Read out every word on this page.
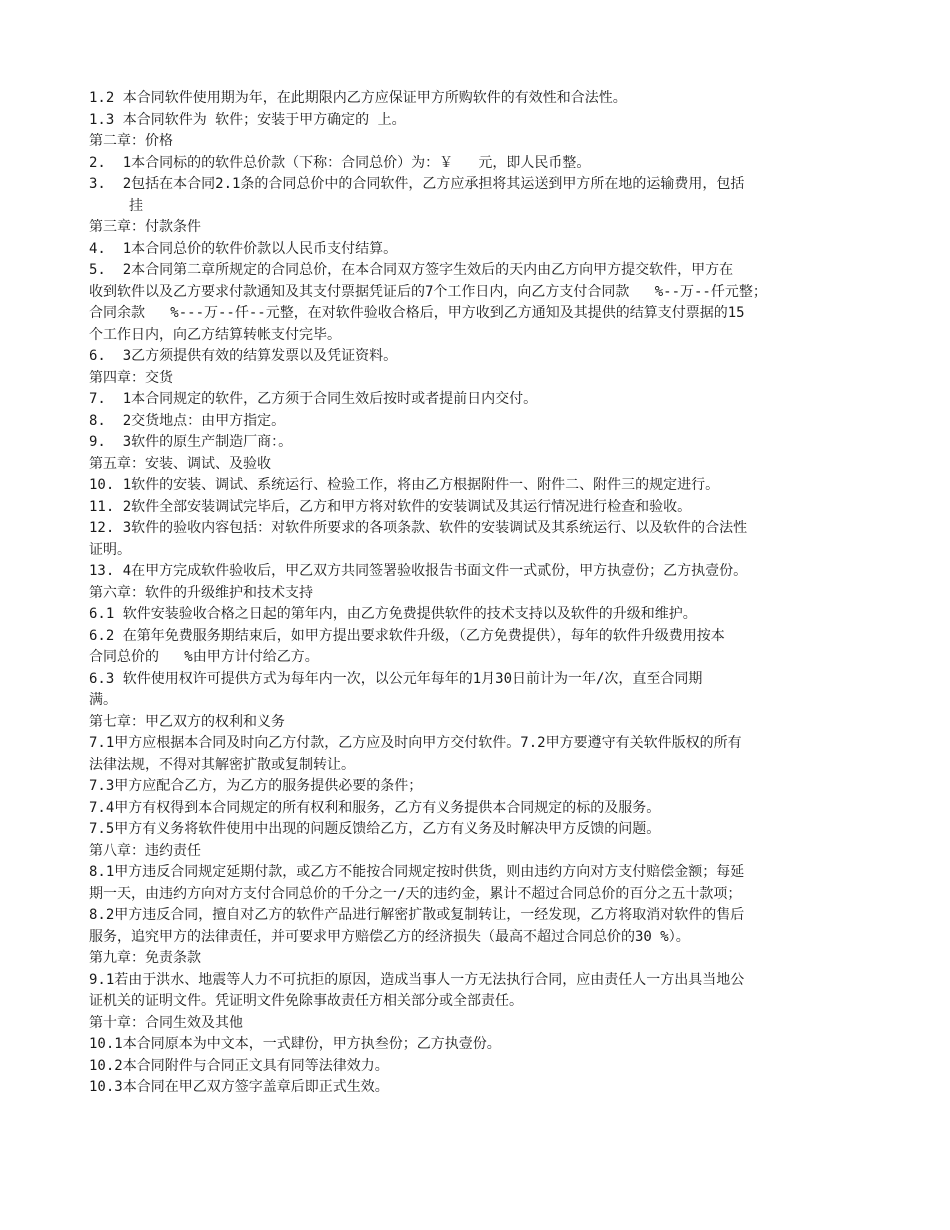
1.2 本合同软件使用期为年，在此期限内乙方应保证甲方所购软件的有效性和合法性。

1.3 本合同软件为 软件；安装于甲方确定的 上。

第二章：价格

2.  1本合同标的的软件总价款（下称：合同总价）为：￥   元，即人民币整。

3.  2包括在本合同2.1条的合同总价中的合同软件，乙方应承担将其运送到甲方所在地的运输费用，包括

挂

第三章：付款条件

4.  1本合同总价的软件价款以人民币支付结算。

5.  2本合同第二章所规定的合同总价，在本合同双方签字生效后的天内由乙方向甲方提交软件，甲方在

收到软件以及乙方要求付款通知及其支付票据凭证后的7个工作日内，向乙方支付合同款   %--万--仟元整；

合同余款   %---万--仟--元整，在对软件验收合格后，甲方收到乙方通知及其提供的结算支付票据的15

个工作日内，向乙方结算转帐支付完毕。

6.  3乙方须提供有效的结算发票以及凭证资料。

第四章：交货

7.  1本合同规定的软件，乙方须于合同生效后按时或者提前日内交付。

8.  2交货地点：由甲方指定。

9.  3软件的原生产制造厂商：。

第五章：安装、调试、及验收

10. 1软件的安装、调试、系统运行、检验工作，将由乙方根据附件一、附件二、附件三的规定进行。

11. 2软件全部安装调试完毕后，乙方和甲方将对软件的安装调试及其运行情况进行检查和验收。

12. 3软件的验收内容包括：对软件所要求的各项条款、软件的安装调试及其系统运行、以及软件的合法性

证明。

13. 4在甲方完成软件验收后，甲乙双方共同签署验收报告书面文件一式贰份，甲方执壹份；乙方执壹份。

第六章：软件的升级维护和技术支持

6.1 软件安装验收合格之日起的第年内，由乙方免费提供软件的技术支持以及软件的升级和维护。

6.2 在第年免费服务期结束后，如甲方提出要求软件升级，（乙方免费提供），每年的软件升级费用按本

合同总价的   %由甲方计付给乙方。

6.3 软件使用权许可提供方式为每年内一次，以公元年每年的1月30日前计为一年/次，直至合同期

满。

第七章：甲乙双方的权利和义务

7.1甲方应根据本合同及时向乙方付款，乙方应及时向甲方交付软件。7.2甲方要遵守有关软件版权的所有

法律法规，不得对其解密扩散或复制转让。

7.3甲方应配合乙方，为乙方的服务提供必要的条件；

7.4甲方有权得到本合同规定的所有权利和服务，乙方有义务提供本合同规定的标的及服务。

7.5甲方有义务将软件使用中出现的问题反馈给乙方，乙方有义务及时解决甲方反馈的问题。

第八章：违约责任

8.1甲方违反合同规定延期付款，或乙方不能按合同规定按时供货，则由违约方向对方支付赔偿金额；每延

期一天，由违约方向对方支付合同总价的千分之一/天的违约金，累计不超过合同总价的百分之五十款项；

8.2甲方违反合同，擅自对乙方的软件产品进行解密扩散或复制转让，一经发现，乙方将取消对软件的售后

服务，追究甲方的法律责任，并可要求甲方赔偿乙方的经济损失（最高不超过合同总价的30 %）。

第九章：免责条款

9.1若由于洪水、地震等人力不可抗拒的原因，造成当事人一方无法执行合同，应由责任人一方出具当地公

证机关的证明文件。凭证明文件免除事故责任方相关部分或全部责任。

第十章：合同生效及其他

10.1本合同原本为中文本，一式肆份，甲方执叁份；乙方执壹份。

10.2本合同附件与合同正文具有同等法律效力。

10.3本合同在甲乙双方签字盖章后即正式生效。
